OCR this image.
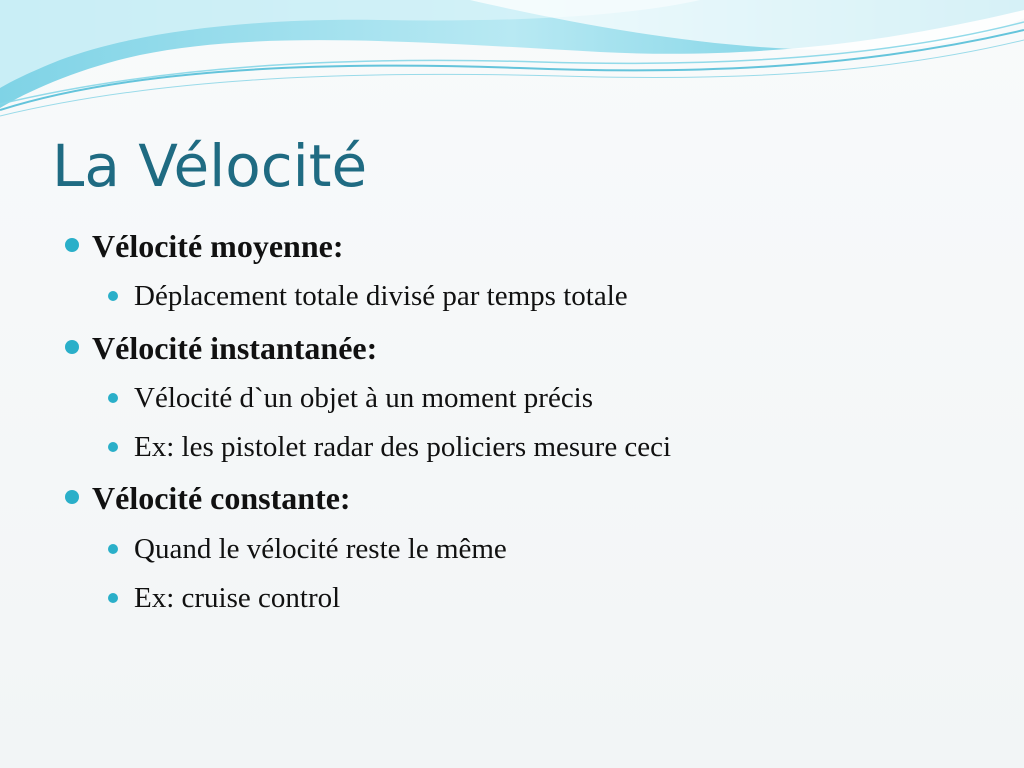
La Vélocité
Vélocité moyenne:
Déplacement totale divisé par temps totale
Vélocité instantanée:
Vélocité d`un objet à un moment précis
Ex: les pistolet radar des policiers mesure ceci
Vélocité constante:
Quand le vélocité reste le même
Ex: cruise control
